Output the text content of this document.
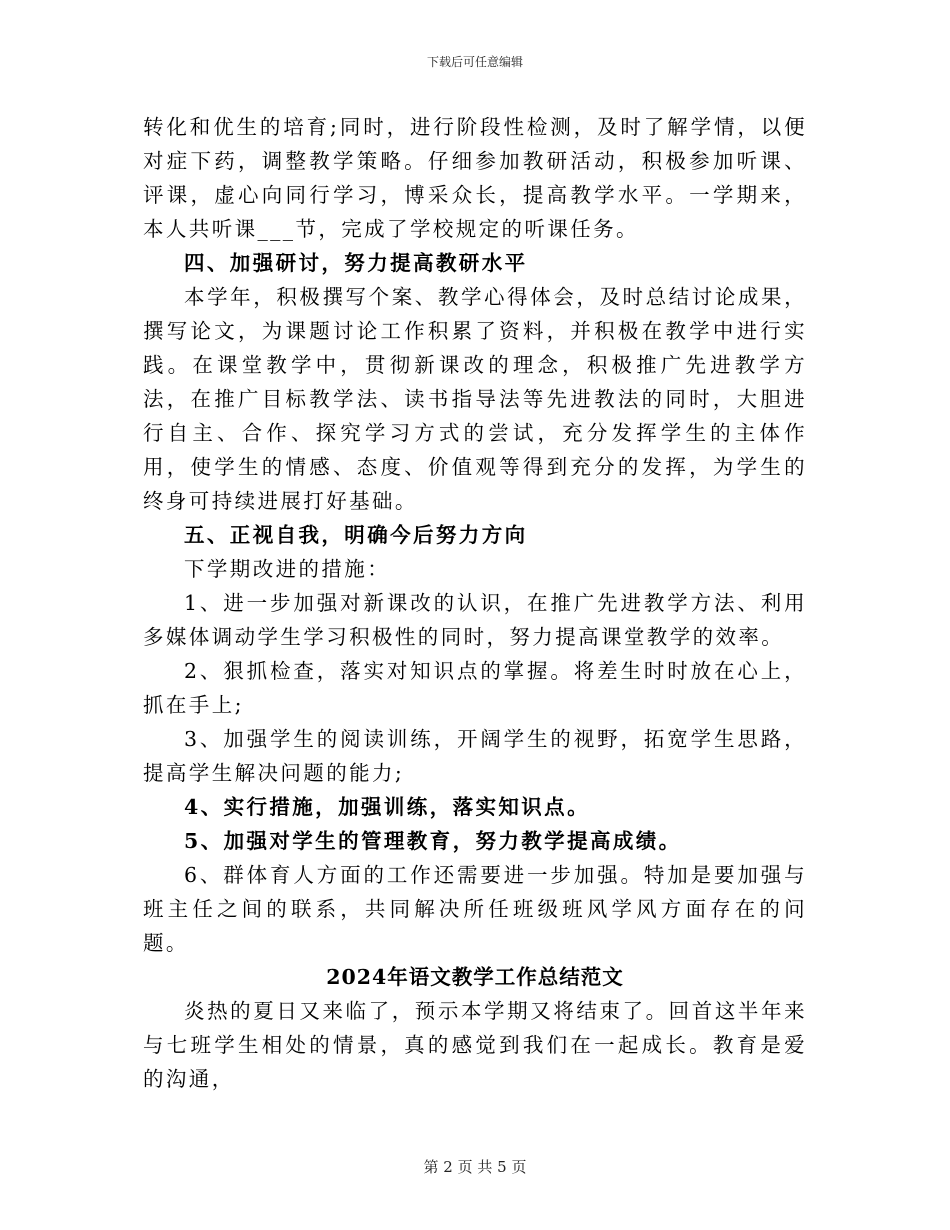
下载后可任意编辑

转化和优生的培育;同时，进行阶段性检测，及时了解学情，以便对症下药，调整教学策略。仔细参加教研活动，积极参加听课、评课，虚心向同行学习，博采众长，提高教学水平。一学期来，本人共听课___节，完成了学校规定的听课任务。

四、加强研讨，努力提高教研水平

本学年，积极撰写个案、教学心得体会，及时总结讨论成果，撰写论文，为课题讨论工作积累了资料，并积极在教学中进行实践。在课堂教学中，贯彻新课改的理念，积极推广先进教学方法，在推广目标教学法、读书指导法等先进教法的同时，大胆进行自主、合作、探究学习方式的尝试，充分发挥学生的主体作用，使学生的情感、态度、价值观等得到充分的发挥，为学生的终身可持续进展打好基础。

五、正视自我，明确今后努力方向

下学期改进的措施：

1、进一步加强对新课改的认识，在推广先进教学方法、利用多媒体调动学生学习积极性的同时，努力提高课堂教学的效率。

2、狠抓检查，落实对知识点的掌握。将差生时时放在心上，抓在手上;

3、加强学生的阅读训练，开阔学生的视野，拓宽学生思路，提高学生解决问题的能力;

4、实行措施，加强训练，落实知识点。

5、加强对学生的管理教育，努力教学提高成绩。

6、群体育人方面的工作还需要进一步加强。特加是要加强与班主任之间的联系，共同解决所任班级班风学风方面存在的问题。

2024年语文教学工作总结范文

炎热的夏日又来临了，预示本学期又将结束了。回首这半年来与七班学生相处的情景，真的感觉到我们在一起成长。教育是爱的沟通，

第 2 页 共 5 页
